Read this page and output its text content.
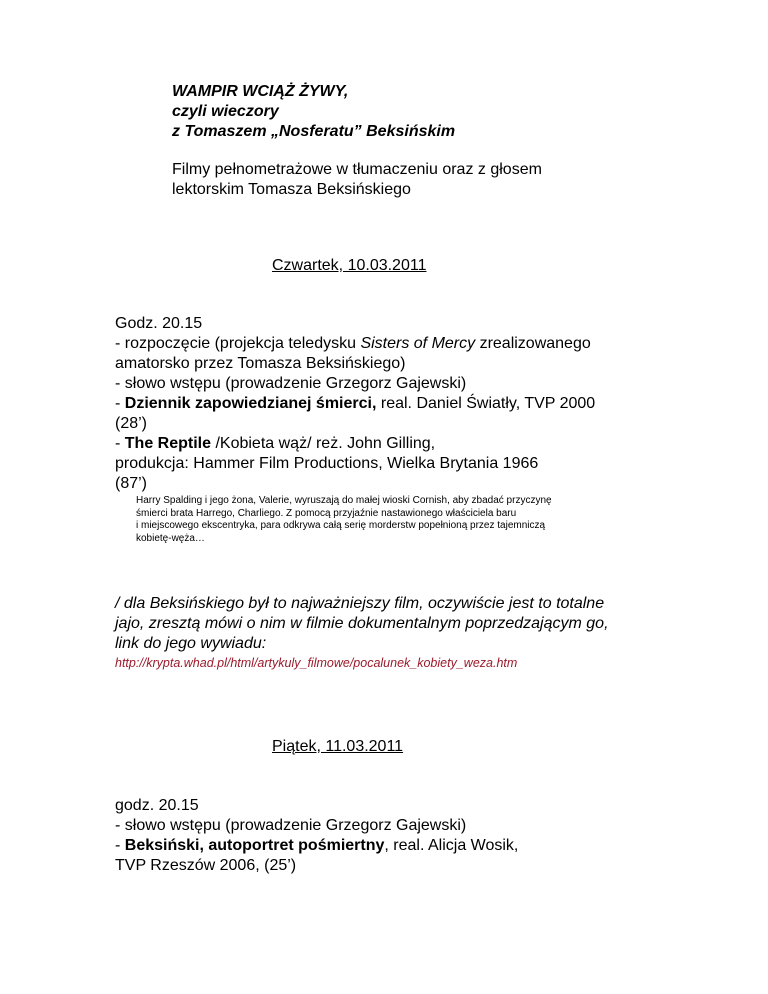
WAMPIR WCIĄŻ ŻYWY,
czyli wieczory
z Tomaszem „Nosferatu” Beksińskim
Filmy pełnometrażowe w tłumaczeniu oraz z głosem
lektorskim Tomasza Beksińskiego
Czwartek, 10.03.2011
Godz. 20.15
- rozpoczęcie (projekcja teledysku Sisters of Mercy zrealizowanego
amatorsko przez Tomasza Beksińskiego)
- słowo wstępu (prowadzenie Grzegorz Gajewski)
- Dziennik zapowiedzianej śmierci, real. Daniel Światły, TVP 2000
(28’)
- The Reptile /Kobieta wąż/ reż. John Gilling,
produkcja: Hammer Film Productions, Wielka Brytania 1966
(87’)
Harry Spalding i jego żona, Valerie, wyruszają do małej wioski Cornish, aby zbadać przyczynę
śmierci brata Harrego, Charliego. Z pomocą przyjaźnie nastawionego właściciela baru
i miejscowego ekscentryka, para odkrywa całą serię morderstw popełnioną przez tajemniczą
kobietę-węża…
/ dla Beksińskiego był to najważniejszy film, oczywiście jest to totalne
jajo, zresztą mówi o nim w filmie dokumentalnym poprzedzającym go,
link do jego wywiadu:
http://krypta.whad.pl/html/artykuly_filmowe/pocalunek_kobiety_weza.htm
Piątek, 11.03.2011
godz. 20.15
- słowo wstępu (prowadzenie Grzegorz Gajewski)
- Beksiński, autoportret pośmiertny, real. Alicja Wosik,
TVP Rzeszów 2006, (25’)
